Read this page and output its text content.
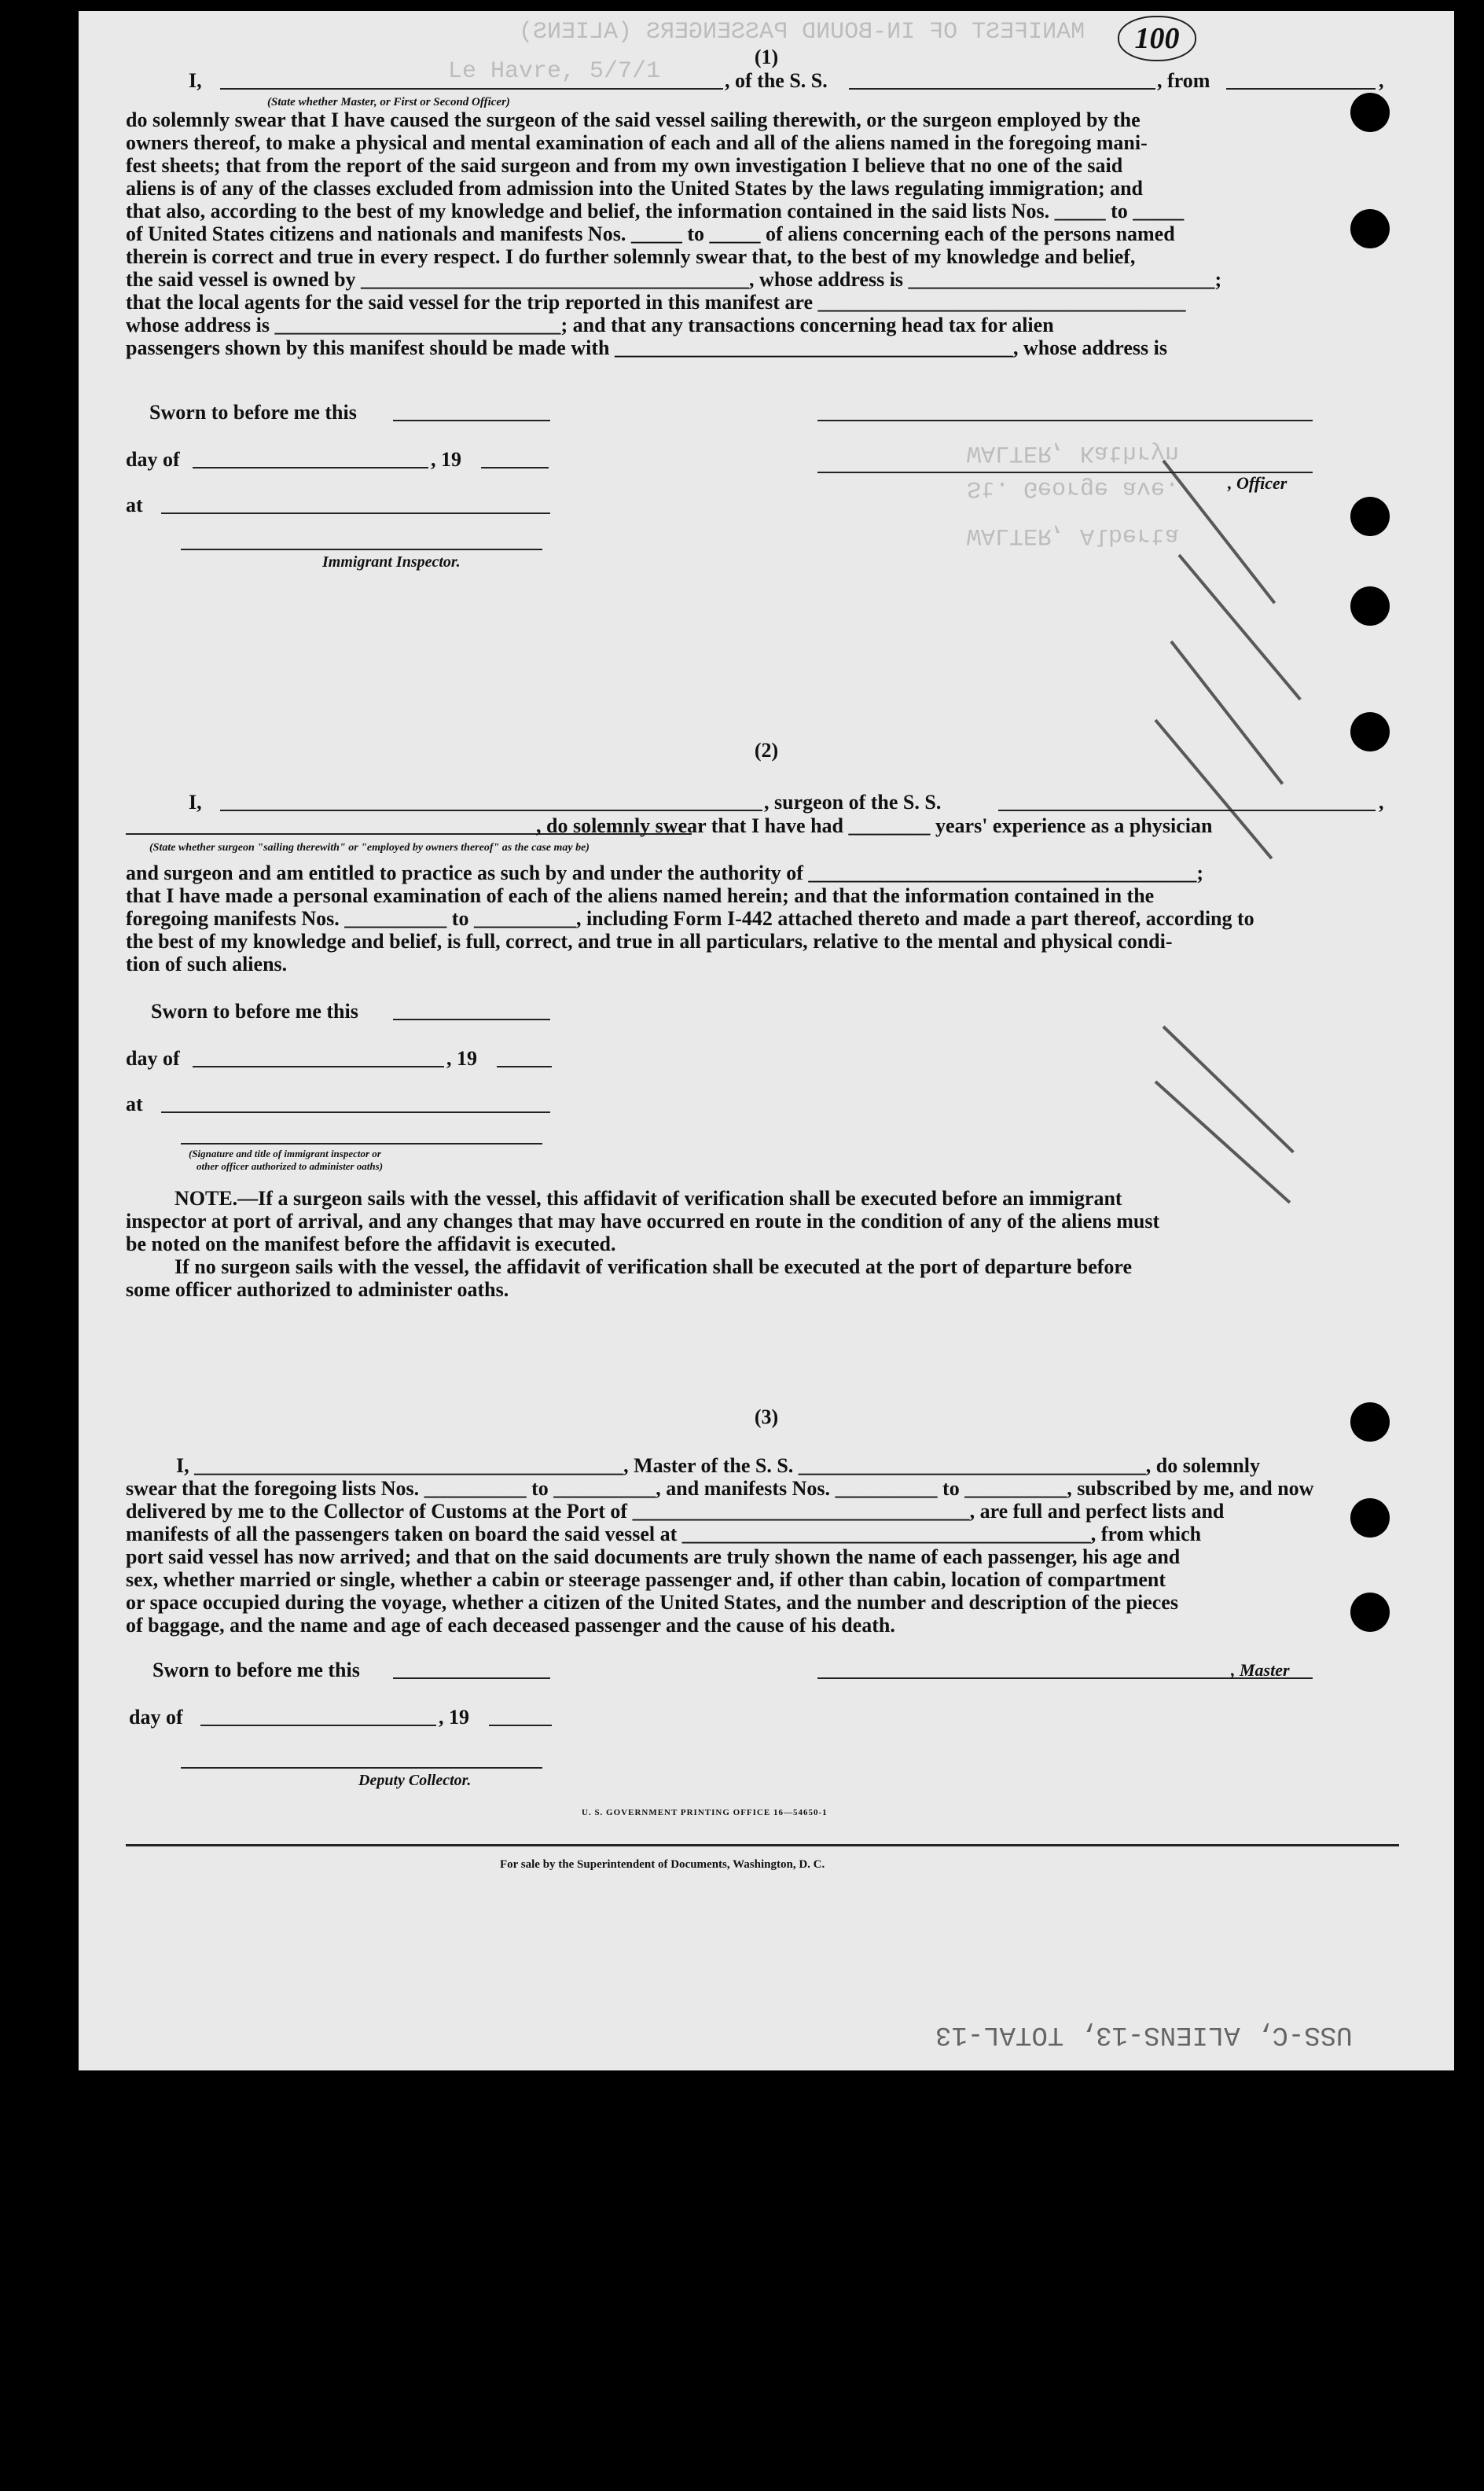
MANIFEST OF IN-BOUND PASSENGERS (ALIENS)
Le Havre, 5/7/1
WALTER, Kathryn
St. George ave.
WALTER, Alberta
USS-C, ALIENS-13, TOTAL-13
100
(1)
I,	, of the S. S.	, from	,
(State whether Master, or First or Second Officer)
do solemnly swear that I have caused the surgeon of the said vessel sailing therewith, or the surgeon employed by the
owners thereof, to make a physical and mental examination of each and all of the aliens named in the foregoing mani-
fest sheets; that from the report of the said surgeon and from my own investigation I believe that no one of the said
aliens is of any of the classes excluded from admission into the United States by the laws regulating immigration; and
that also, according to the best of my knowledge and belief, the information contained in the said lists Nos. _____ to _____
of United States citizens and nationals and manifests Nos. _____ to _____ of aliens concerning each of the persons named
therein is correct and true in every respect. I do further solemnly swear that, to the best of my knowledge and belief,
the said vessel is owned by ______________________________________, whose address is ______________________________;
that the local agents for the said vessel for the trip reported in this manifest are ____________________________________
whose address is ____________________________; and that any transactions concerning head tax for alien
passengers shown by this manifest should be made with _______________________________________, whose address is
Sworn to before me this
day of	, 19
at
, Officer
Immigrant Inspector.
(2)
I,	, surgeon of the S. S.	,
, do solemnly swear that I have had ________ years' experience as a physician
(State whether surgeon "sailing therewith" or "employed by owners thereof" as the case may be)
and surgeon and am entitled to practice as such by and under the authority of ______________________________________;
that I have made a personal examination of each of the aliens named herein; and that the information contained in the
foregoing manifests Nos. __________ to __________, including Form I-442 attached thereto and made a part thereof, according to
the best of my knowledge and belief, is full, correct, and true in all particulars, relative to the mental and physical condi-
tion of such aliens.
Sworn to before me this
day of	, 19
at
(Signature and title of immigrant inspector or
other officer authorized to administer oaths)
NOTE.—If a surgeon sails with the vessel, this affidavit of verification shall be executed before an immigrant
inspector at port of arrival, and any changes that may have occurred en route in the condition of any of the aliens must
be noted on the manifest before the affidavit is executed.
If no surgeon sails with the vessel, the affidavit of verification shall be executed at the port of departure before
some officer authorized to administer oaths.
(3)
I, __________________________________________, Master of the S. S. __________________________________, do solemnly
swear that the foregoing lists Nos. __________ to __________, and manifests Nos. __________ to __________, subscribed by me, and now
delivered by me to the Collector of Customs at the Port of _________________________________, are full and perfect lists and
manifests of all the passengers taken on board the said vessel at ________________________________________, from which
port said vessel has now arrived; and that on the said documents are truly shown the name of each passenger, his age and
sex, whether married or single, whether a cabin or steerage passenger and, if other than cabin, location of compartment
or space occupied during the voyage, whether a citizen of the United States, and the number and description of the pieces
of baggage, and the name and age of each deceased passenger and the cause of his death.
Sworn to before me this	, Master
day of	, 19
Deputy Collector.
U. S. GOVERNMENT PRINTING OFFICE 16—54650-1
For sale by the Superintendent of Documents, Washington, D. C.
